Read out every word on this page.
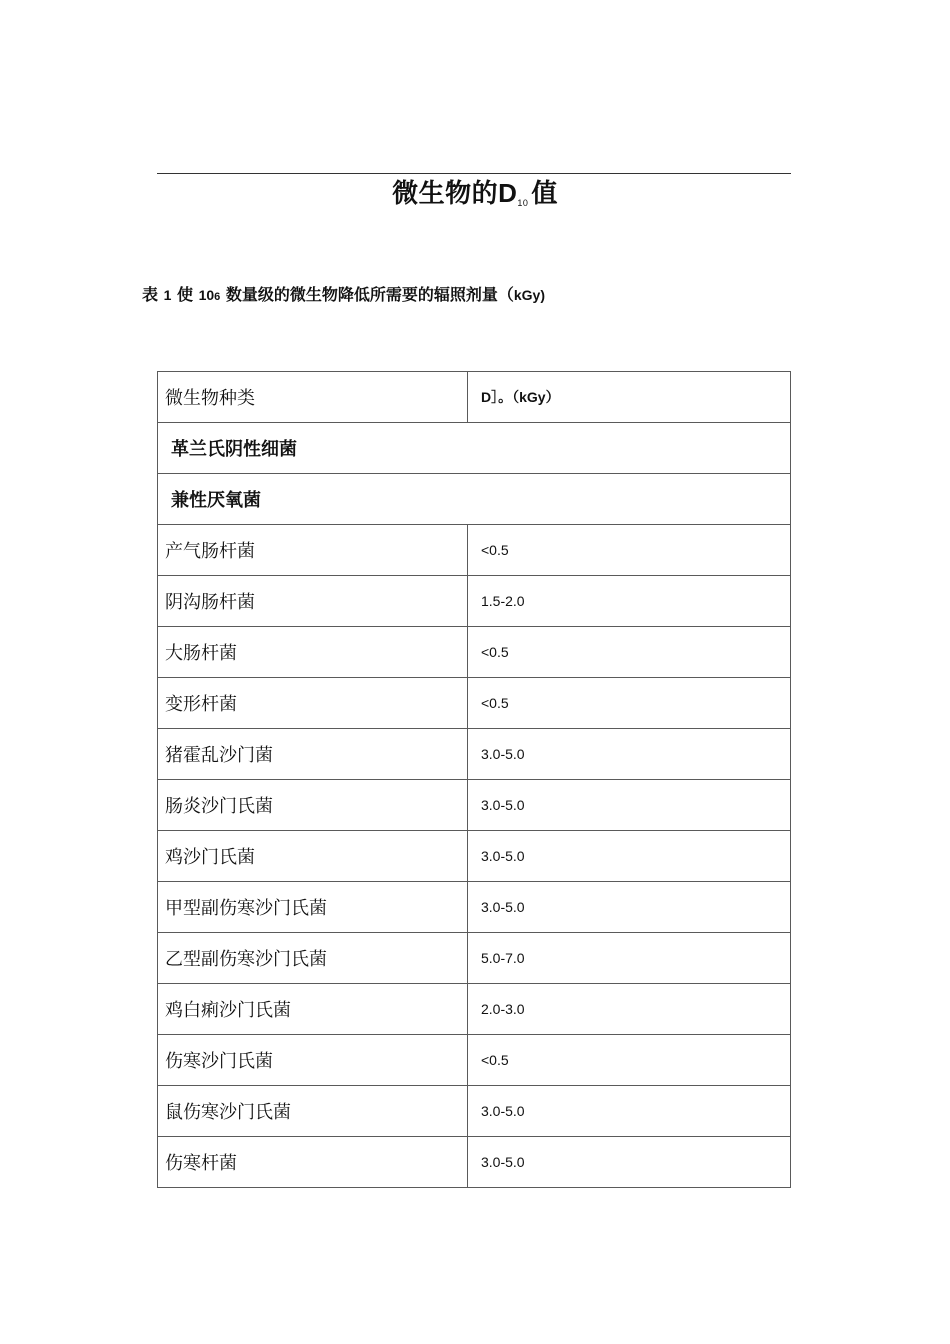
微生物的$D_{10}$ 值
表 1 使 106 数量级的微生物降低所需要的辐照剂量（kGy)
微生物种类	D］。（kGy）
革兰氏阴性细菌	
兼性厌氧菌	
产气肠杆菌	<0.5
阴沟肠杆菌	1.5-2.0
大肠杆菌	<0.5
变形杆菌	<0.5
猪霍乱沙门菌	3.0-5.0
肠炎沙门氏菌	3.0-5.0
鸡沙门氏菌	3.0-5.0
甲型副伤寒沙门氏菌	3.0-5.0
乙型副伤寒沙门氏菌	5.0-7.0
鸡白痢沙门氏菌	2.0-3.0
伤寒沙门氏菌	<0.5
鼠伤寒沙门氏菌	3.0-5.0
伤寒杆菌	3.0-5.0
